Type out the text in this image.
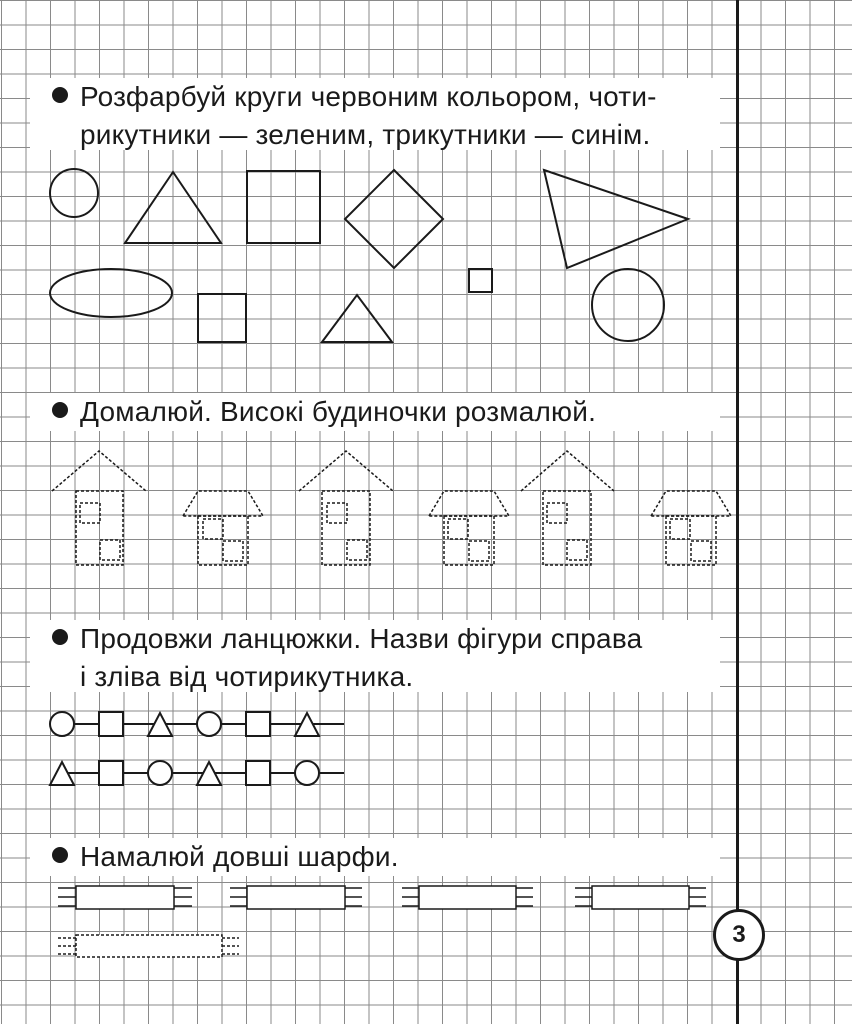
Розфарбуй круги червоним кольором, чоти-
рикутники — зеленим, трикутники — синім.
Домалюй. Високі будиночки розмалюй.
Продовжи ланцюжки. Назви фігури справа
і зліва від чотирикутника.
Намалюй довші шарфи.
3
